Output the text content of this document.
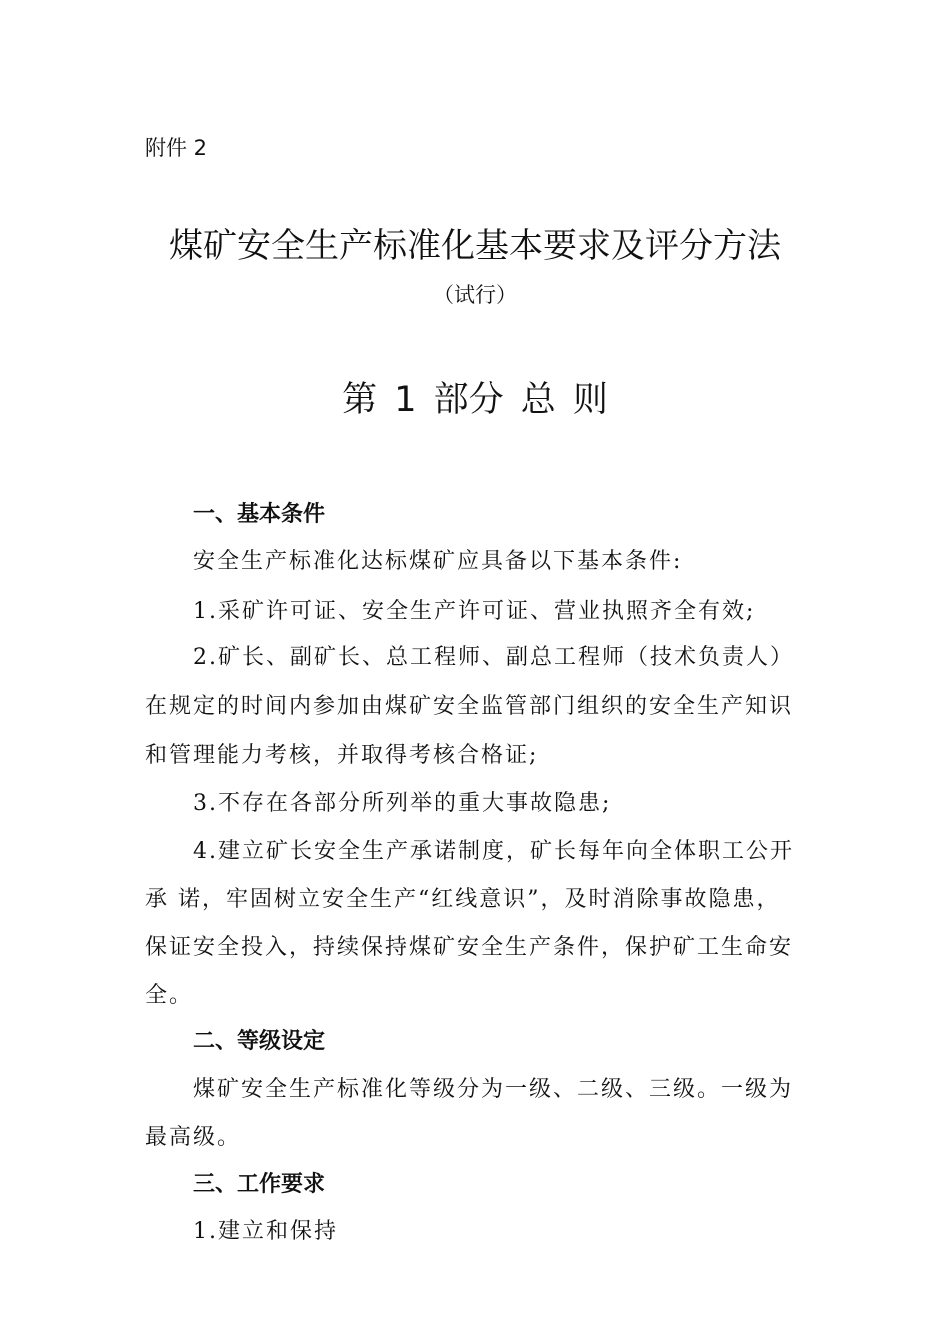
附件 2
煤矿安全生产标准化基本要求及评分方法
（试行）
第 1 部分 总 则
一、基本条件
安全生产标准化达标煤矿应具备以下基本条件:
1.采矿许可证、安全生产许可证、营业执照齐全有效;
2.矿长、副矿长、总工程师、副总工程师（技术负责人）
在规定的时间内参加由煤矿安全监管部门组织的安全生产知识
和管理能力考核，并取得考核合格证;
3.不存在各部分所列举的重大事故隐患;
4.建立矿长安全生产承诺制度，矿长每年向全体职工公开
承 诺，牢固树立安全生产“红线意识”，及时消除事故隐患，
保证安全投入，持续保持煤矿安全生产条件，保护矿工生命安
全。
二、等级设定
煤矿安全生产标准化等级分为一级、二级、三级。一级为
最高级。
三、工作要求
1.建立和保持
